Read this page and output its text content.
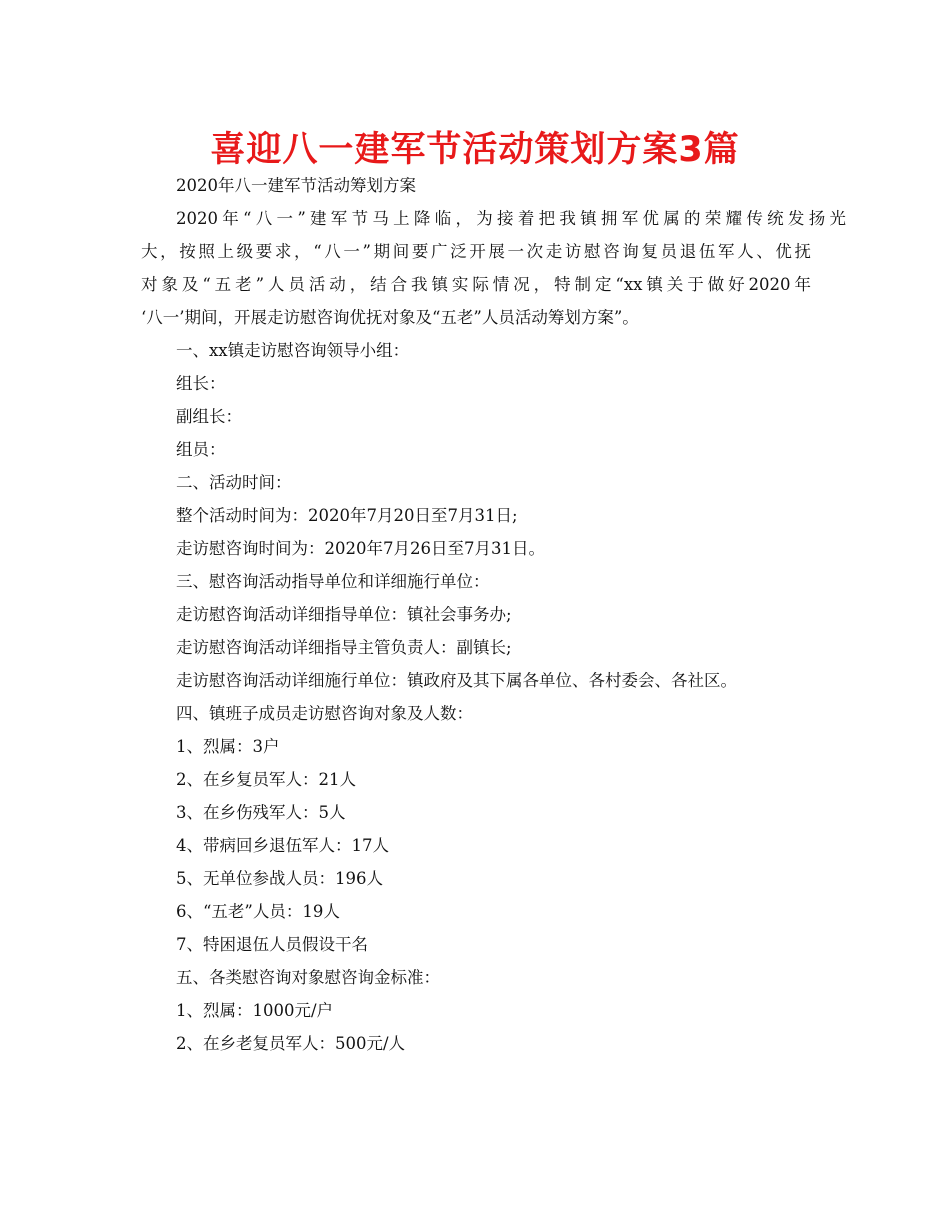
喜迎八一建军节活动策划方案3篇
2020年八一建军节活动筹划方案
2020年“八一”建军节马上降临，为接着把我镇拥军优属的荣耀传统发扬光
大，按照上级要求，“八一”期间要广泛开展一次走访慰咨询复员退伍军人、优抚
对象及“五老”人员活动，结合我镇实际情况，特制定“xx镇关于做好2020年
‘八一’期间，开展走访慰咨询优抚对象及“五老”人员活动筹划方案”。
一、xx镇走访慰咨询领导小组：
组长：
副组长：
组员：
二、活动时间：
整个活动时间为：2020年7月20日至7月31日;
走访慰咨询时间为：2020年7月26日至7月31日。
三、慰咨询活动指导单位和详细施行单位：
走访慰咨询活动详细指导单位：镇社会事务办;
走访慰咨询活动详细指导主管负责人：副镇长;
走访慰咨询活动详细施行单位：镇政府及其下属各单位、各村委会、各社区。
四、镇班子成员走访慰咨询对象及人数：
1、烈属：3户
2、在乡复员军人：21人
3、在乡伤残军人：5人
4、带病回乡退伍军人：17人
5、无单位参战人员：196人
6、“五老”人员：19人
7、特困退伍人员假设干名
五、各类慰咨询对象慰咨询金标准：
1、烈属：1000元/户
2、在乡老复员军人：500元/人
